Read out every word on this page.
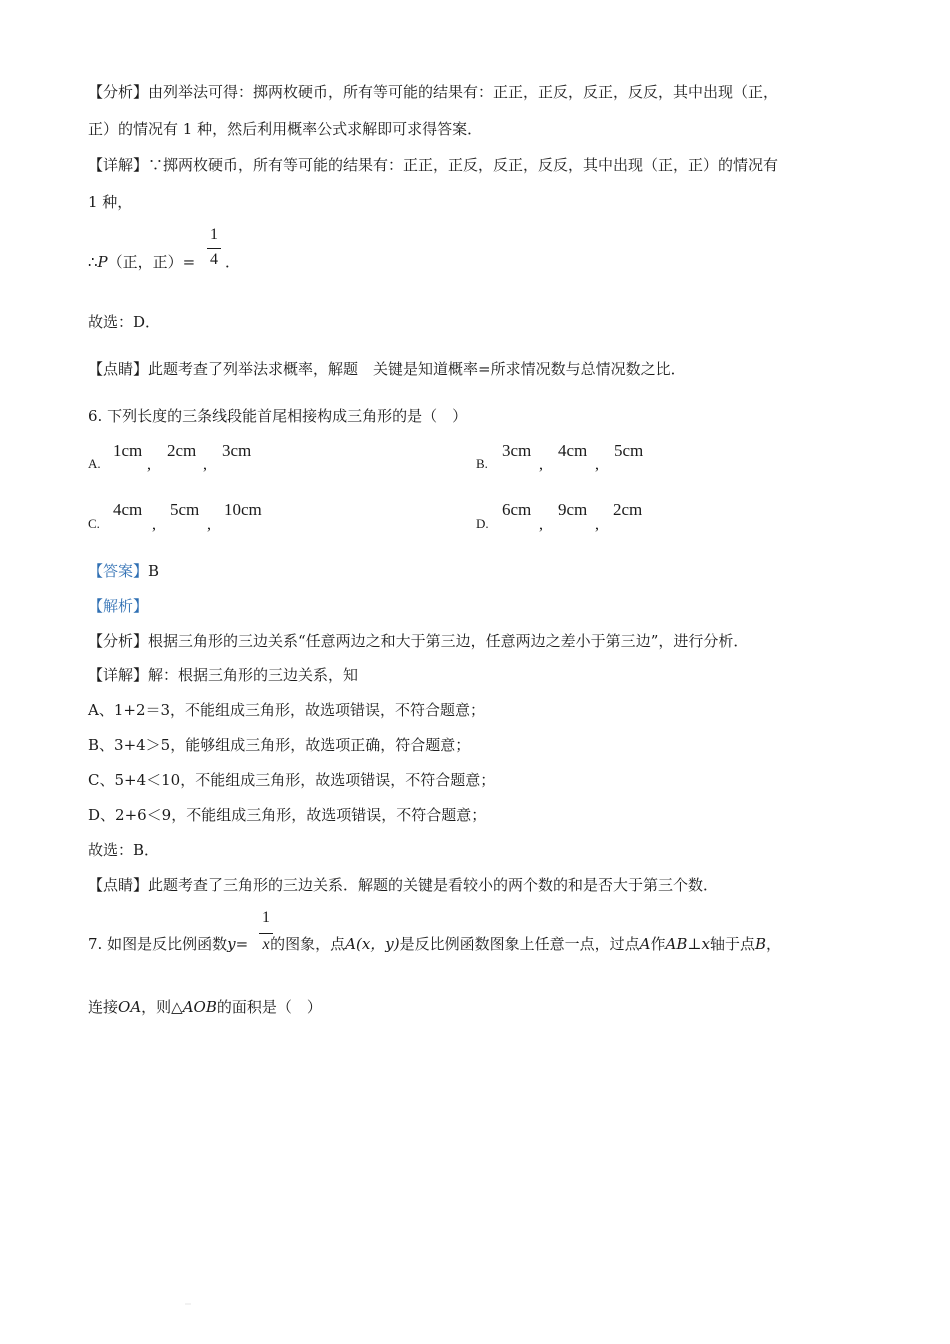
【分析】由列举法可得：掷两枚硬币，所有等可能的结果有：正正，正反，反正，反反，其中出现（正，
正）的情况有 1 种，然后利用概率公式求解即可求得答案．
【详解】∵掷两枚硬币，所有等可能的结果有：正正，正反，反正，反反，其中出现（正，正）的情况有
1 种，
∴P（正，正）=
1
4 ．
故选：D．
【点睛】此题考查了列举法求概率，解题　关键是知道概率=所求情况数与总情况数之比．
6. 下列长度的三条线段能首尾相接构成三角形的是（　）
A.
1cm
,
2cm
,
3cm
B.
3cm
,
4cm
,
5cm
C.
4cm
,
5cm
,
10cm
D.
6cm
,
9cm
,
2cm
【答案】B
【解析】
【分析】根据三角形的三边关系“任意两边之和大于第三边，任意两边之差小于第三边”，进行分析．
【详解】解：根据三角形的三边关系，知
A、1+2＝3，不能组成三角形，故选项错误，不符合题意；
B、3+4＞5，能够组成三角形，故选项正确，符合题意；
C、5+4＜10，不能组成三角形，故选项错误，不符合题意；
D、2+6＜9，不能组成三角形，故选项错误，不符合题意；
故选：B．
【点睛】此题考查了三角形的三边关系．解题的关键是看较小的两个数的和是否大于第三个数．
7. 如图是反比例函数y= 的图象，点A(x，y)是反比例函数图象上任意一点，过点A作AB⊥x轴于点B，
1
x
连接OA，则△AOB的面积是（　）
